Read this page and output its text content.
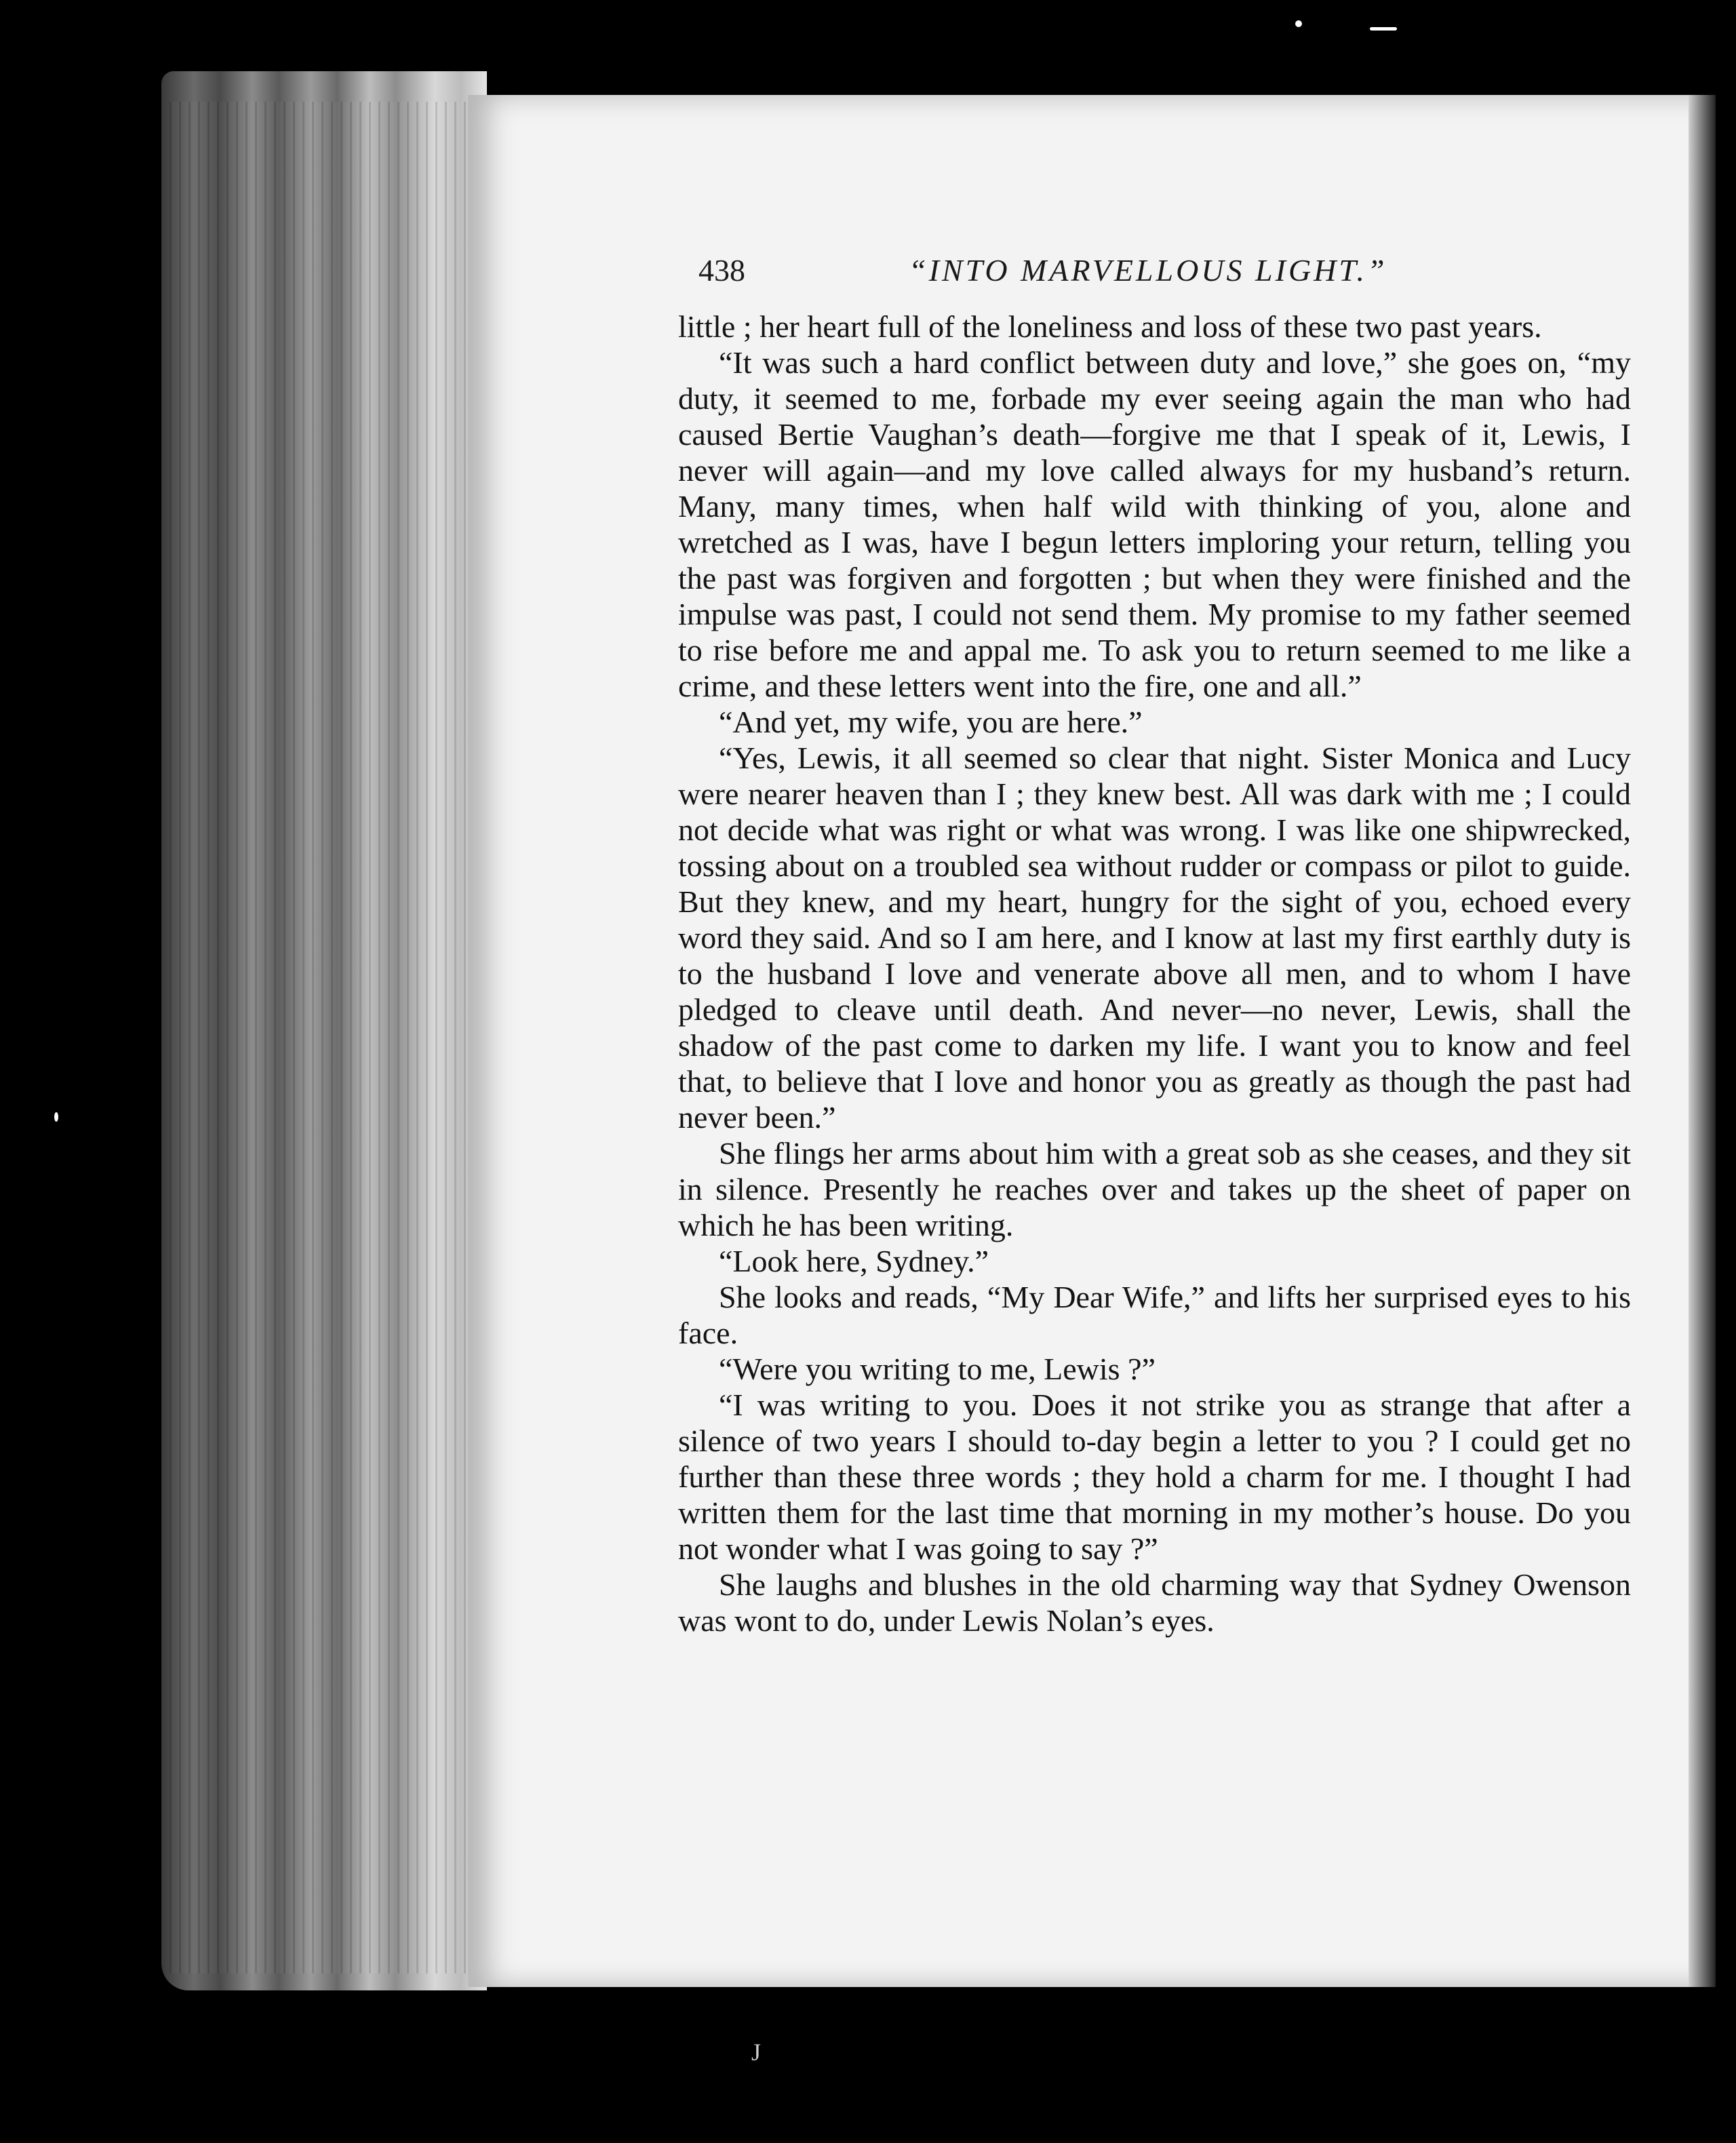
438	“INTO MARVELLOUS LIGHT.”

little ; her heart full of the loneliness and loss of these two past years.

“It was such a hard conflict between duty and love,” she goes on, “my duty, it seemed to me, forbade my ever seeing again the man who had caused Bertie Vaughan’s death—forgive me that I speak of it, Lewis, I never will again—and my love called always for my husband’s return. Many, many times, when half wild with thinking of you, alone and wretched as I was, have I begun letters imploring your return, telling you the past was forgiven and forgotten ; but when they were finished and the impulse was past, I could not send them. My promise to my father seemed to rise before me and appal me. To ask you to return seemed to me like a crime, and these letters went into the fire, one and all.”

“And yet, my wife, you are here.”

“Yes, Lewis, it all seemed so clear that night. Sister Monica and Lucy were nearer heaven than I ; they knew best. All was dark with me ; I could not decide what was right or what was wrong. I was like one shipwrecked, tossing about on a troubled sea without rudder or compass or pilot to guide. But they knew, and my heart, hungry for the sight of you, echoed every word they said. And so I am here, and I know at last my first earthly duty is to the husband I love and venerate above all men, and to whom I have pledged to cleave until death. And never—no never, Lewis, shall the shadow of the past come to darken my life. I want you to know and feel that, to believe that I love and honor you as greatly as though the past had never been.”

She flings her arms about him with a great sob as she ceases, and they sit in silence. Presently he reaches over and takes up the sheet of paper on which he has been writing.

“Look here, Sydney.”

She looks and reads, “My Dear Wife,” and lifts her surprised eyes to his face.

“Were you writing to me, Lewis ?”

“I was writing to you. Does it not strike you as strange that after a silence of two years I should to-day begin a letter to you ? I could get no further than these three words ; they hold a charm for me. I thought I had written them for the last time that morning in my mother’s house. Do you not wonder what I was going to say ?”

She laughs and blushes in the old charming way that Sydney Owenson was wont to do, under Lewis Nolan’s eyes.

J
